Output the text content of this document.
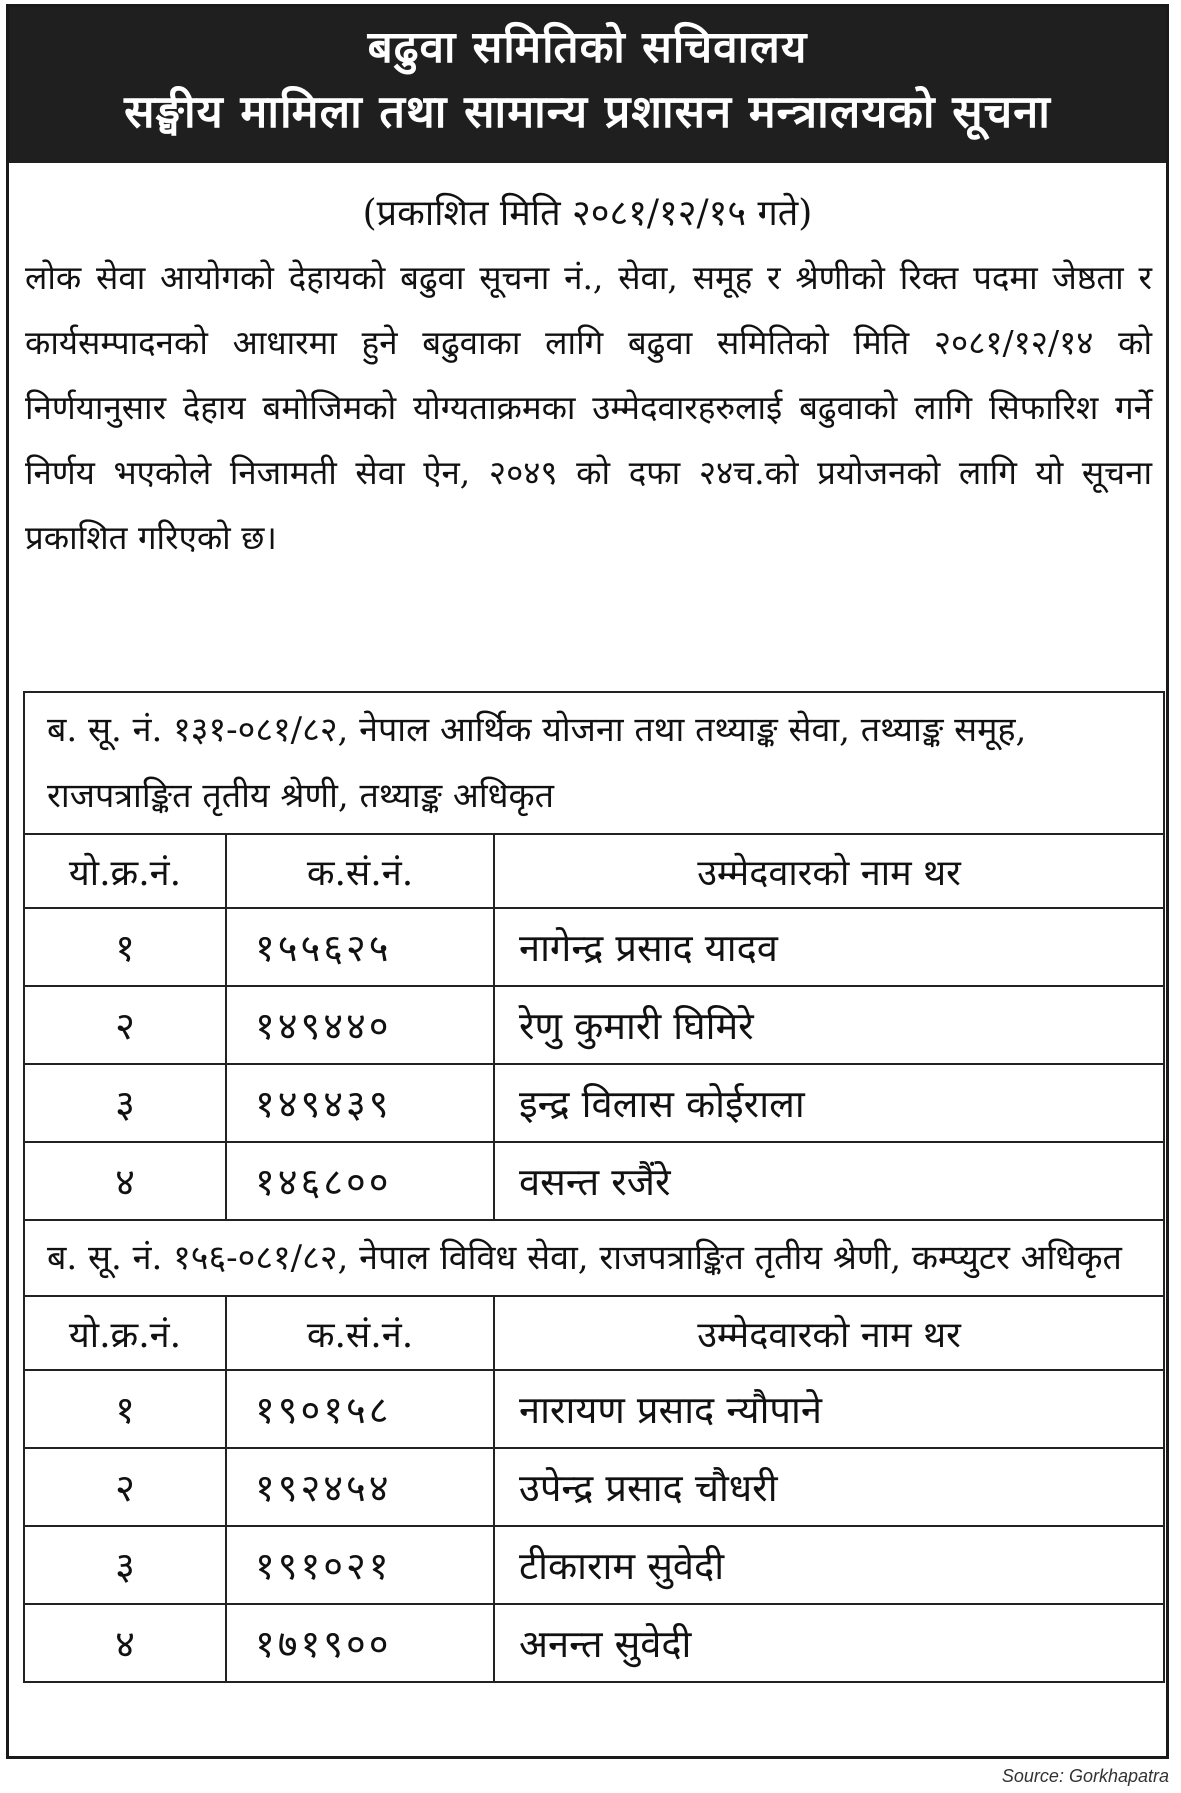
बढुवा समितिको सचिवालय
सङ्घीय मामिला तथा सामान्य प्रशासन मन्त्रालयको सूचना
(प्रकाशित मिति २०८१/१२/१५ गते)
लोक सेवा आयोगको देहायको बढुवा सूचना नं., सेवा, समूह र श्रेणीको रिक्त पदमा जेष्ठता र कार्यसम्पादनको आधारमा हुने बढुवाका लागि बढुवा समितिको मिति २०८१/१२/१४ को निर्णयानुसार देहाय बमोजिमको योग्यताक्रमका उम्मेदवारहरुलाई बढुवाको लागि सिफारिश गर्ने निर्णय भएकोले निजामती सेवा ऐन, २०४९ को दफा २४च.को प्रयोजनको लागि यो सूचना प्रकाशित गरिएको छ।
ब. सू. नं. १३१-०८१/८२, नेपाल आर्थिक योजना तथा तथ्याङ्क सेवा, तथ्याङ्क समूह, राजपत्राङ्कित तृतीय श्रेणी, तथ्याङ्क अधिकृत		
यो.क्र.नं.	क.सं.नं.	उम्मेदवारको नाम थर
१	१५५६२५	नागेन्द्र प्रसाद यादव
२	१४९४४०	रेणु कुमारी घिमिरे
३	१४९४३९	इन्द्र विलास कोईराला
४	१४६८००	वसन्त रजैंरे
ब. सू. नं. १५६-०८१/८२, नेपाल विविध सेवा, राजपत्राङ्कित तृतीय श्रेणी, कम्प्युटर अधिकृत		
यो.क्र.नं.	क.सं.नं.	उम्मेदवारको नाम थर
१	१९०१५८	नारायण प्रसाद न्यौपाने
२	१९२४५४	उपेन्द्र प्रसाद चौधरी
३	१९१०२१	टीकाराम सुवेदी
४	१७१९००	अनन्त सुवेदी
Source: Gorkhapatra
